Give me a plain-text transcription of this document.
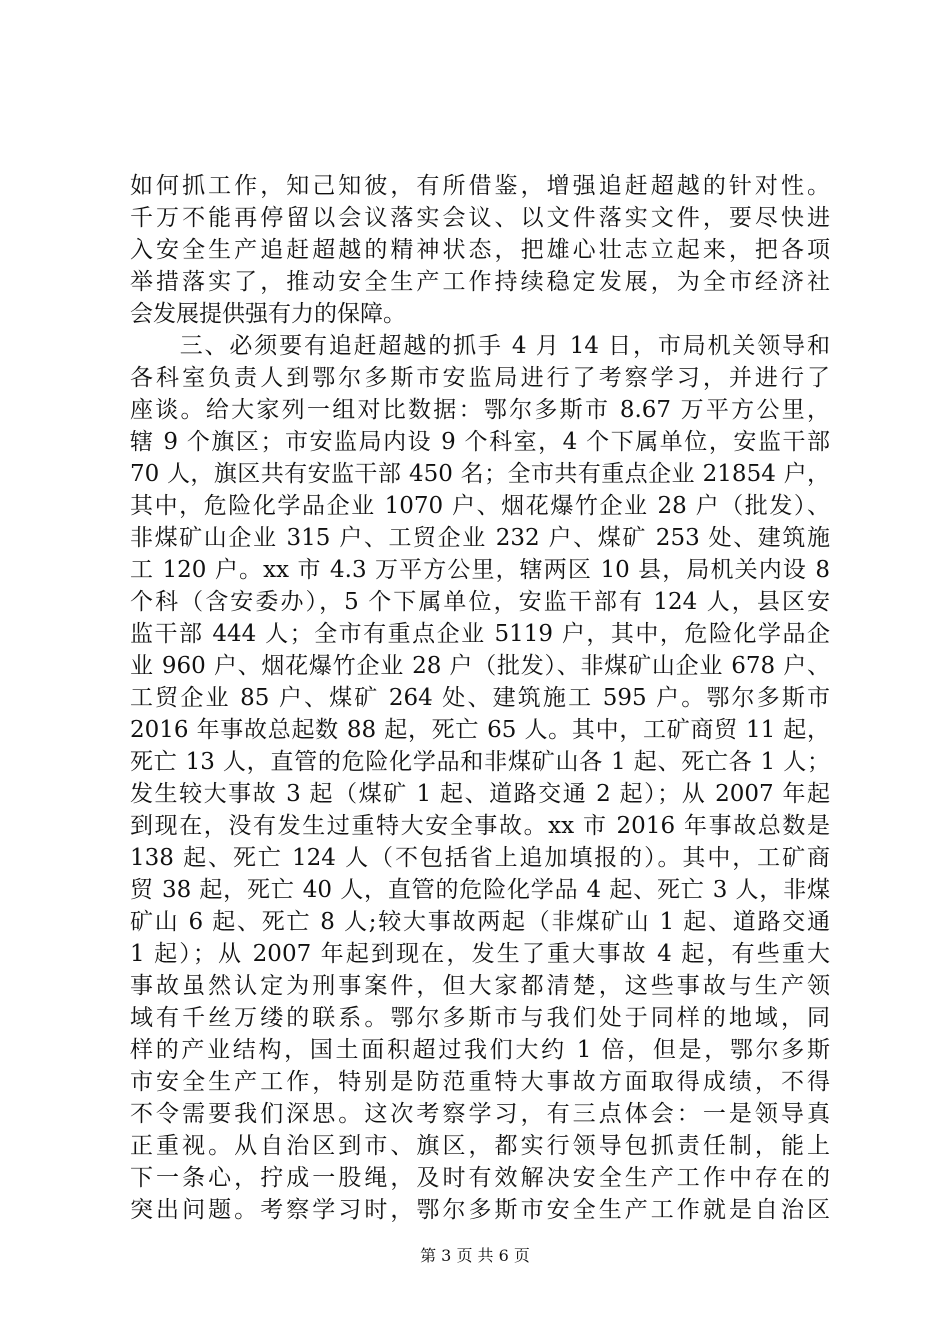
如何抓工作，知己知彼，有所借鉴，增强追赶超越的针对性。
千万不能再停留以会议落实会议、以文件落实文件，要尽快进
入安全生产追赶超越的精神状态，把雄心壮志立起来，把各项
举措落实了，推动安全生产工作持续稳定发展，为全市经济社
会发展提供强有力的保障。
　　三、必须要有追赶超越的抓手 4 月 14 日，市局机关领导和
各科室负责人到鄂尔多斯市安监局进行了考察学习，并进行了
座谈。给大家列一组对比数据：鄂尔多斯市 8.67 万平方公里，
辖 9 个旗区；市安监局内设 9 个科室，4 个下属单位，安监干部
70 人，旗区共有安监干部 450 名；全市共有重点企业 21854 户，
其中，危险化学品企业 1070 户、烟花爆竹企业 28 户（批发）、
非煤矿山企业 315 户、工贸企业 232 户、煤矿 253 处、建筑施
工 120 户。xx 市 4.3 万平方公里，辖两区 10 县，局机关内设 8
个科（含安委办），5 个下属单位，安监干部有 124 人，县区安
监干部 444 人；全市有重点企业 5119 户，其中，危险化学品企
业 960 户、烟花爆竹企业 28 户（批发）、非煤矿山企业 678 户、
工贸企业 85 户、煤矿 264 处、建筑施工 595 户。鄂尔多斯市
2016 年事故总起数 88 起，死亡 65 人。其中，工矿商贸 11 起，
死亡 13 人，直管的危险化学品和非煤矿山各 1 起、死亡各 1 人；
发生较大事故 3 起（煤矿 1 起、道路交通 2 起）；从 2007 年起
到现在，没有发生过重特大安全事故。xx 市 2016 年事故总数是
138 起、死亡 124 人（不包括省上追加填报的）。其中，工矿商
贸 38 起，死亡 40 人，直管的危险化学品 4 起、死亡 3 人，非煤
矿山 6 起、死亡 8 人;较大事故两起（非煤矿山 1 起、道路交通
1 起）；从 2007 年起到现在，发生了重大事故 4 起，有些重大
事故虽然认定为刑事案件，但大家都清楚，这些事故与生产领
域有千丝万缕的联系。鄂尔多斯市与我们处于同样的地域，同
样的产业结构，国土面积超过我们大约 1 倍，但是，鄂尔多斯
市安全生产工作，特别是防范重特大事故方面取得成绩，不得
不令需要我们深思。这次考察学习，有三点体会：一是领导真
正重视。从自治区到市、旗区，都实行领导包抓责任制，能上
下一条心，拧成一股绳，及时有效解决安全生产工作中存在的
突出问题。考察学习时，鄂尔多斯市安全生产工作就是自治区
第 3 页 共 6 页
